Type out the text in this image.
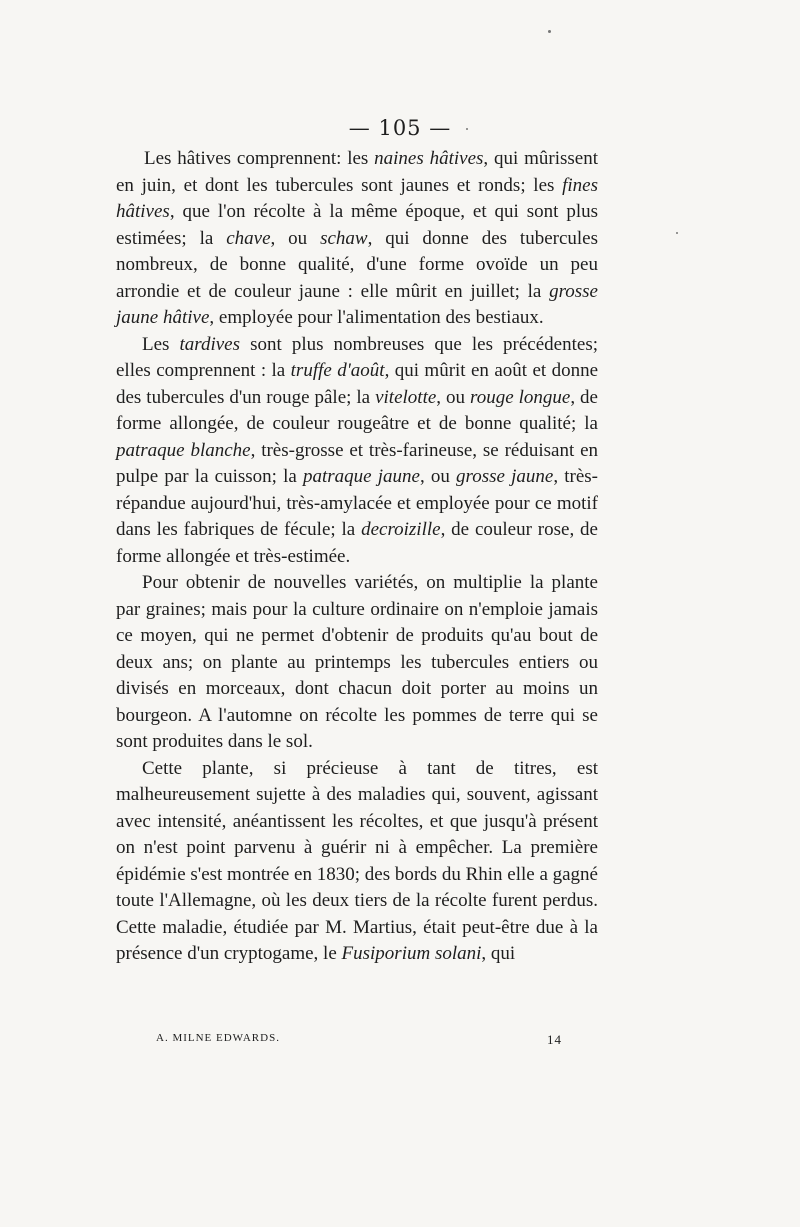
— 105 —

Les hâtives comprennent: les naines hâtives, qui mûrissent en juin, et dont les tubercules sont jaunes et ronds; les fines hâtives, que l'on récolte à la même époque, et qui sont plus estimées; la chave, ou schaw, qui donne des tubercules nombreux, de bonne qualité, d'une forme ovoïde un peu arrondie et de couleur jaune : elle mûrit en juillet; la grosse jaune hâtive, employée pour l'alimentation des bestiaux.

Les tardives sont plus nombreuses que les précédentes; elles comprennent : la truffe d'août, qui mûrit en août et donne des tubercules d'un rouge pâle; la vitelotte, ou rouge longue, de forme allongée, de couleur rougeâtre et de bonne qualité; la patraque blanche, très-grosse et très-farineuse, se réduisant en pulpe par la cuisson; la patraque jaune, ou grosse jaune, très-répandue aujourd'hui, très-amylacée et employée pour ce motif dans les fabriques de fécule; la decroizille, de couleur rose, de forme allongée et très-estimée.

Pour obtenir de nouvelles variétés, on multiplie la plante par graines; mais pour la culture ordinaire on n'emploie jamais ce moyen, qui ne permet d'obtenir de produits qu'au bout de deux ans; on plante au printemps les tubercules entiers ou divisés en morceaux, dont chacun doit porter au moins un bourgeon. A l'automne on récolte les pommes de terre qui se sont produites dans le sol.

Cette plante, si précieuse à tant de titres, est malheureusement sujette à des maladies qui, souvent, agissant avec intensité, anéantissent les récoltes, et que jusqu'à présent on n'est point parvenu à guérir ni à empêcher. La première épidémie s'est montrée en 1830; des bords du Rhin elle a gagné toute l'Allemagne, où les deux tiers de la récolte furent perdus. Cette maladie, étudiée par M. Martius, était peut-être due à la présence d'un cryptogame, le Fusiporium solani, qui

A. MILNE EDWARDS.	14
